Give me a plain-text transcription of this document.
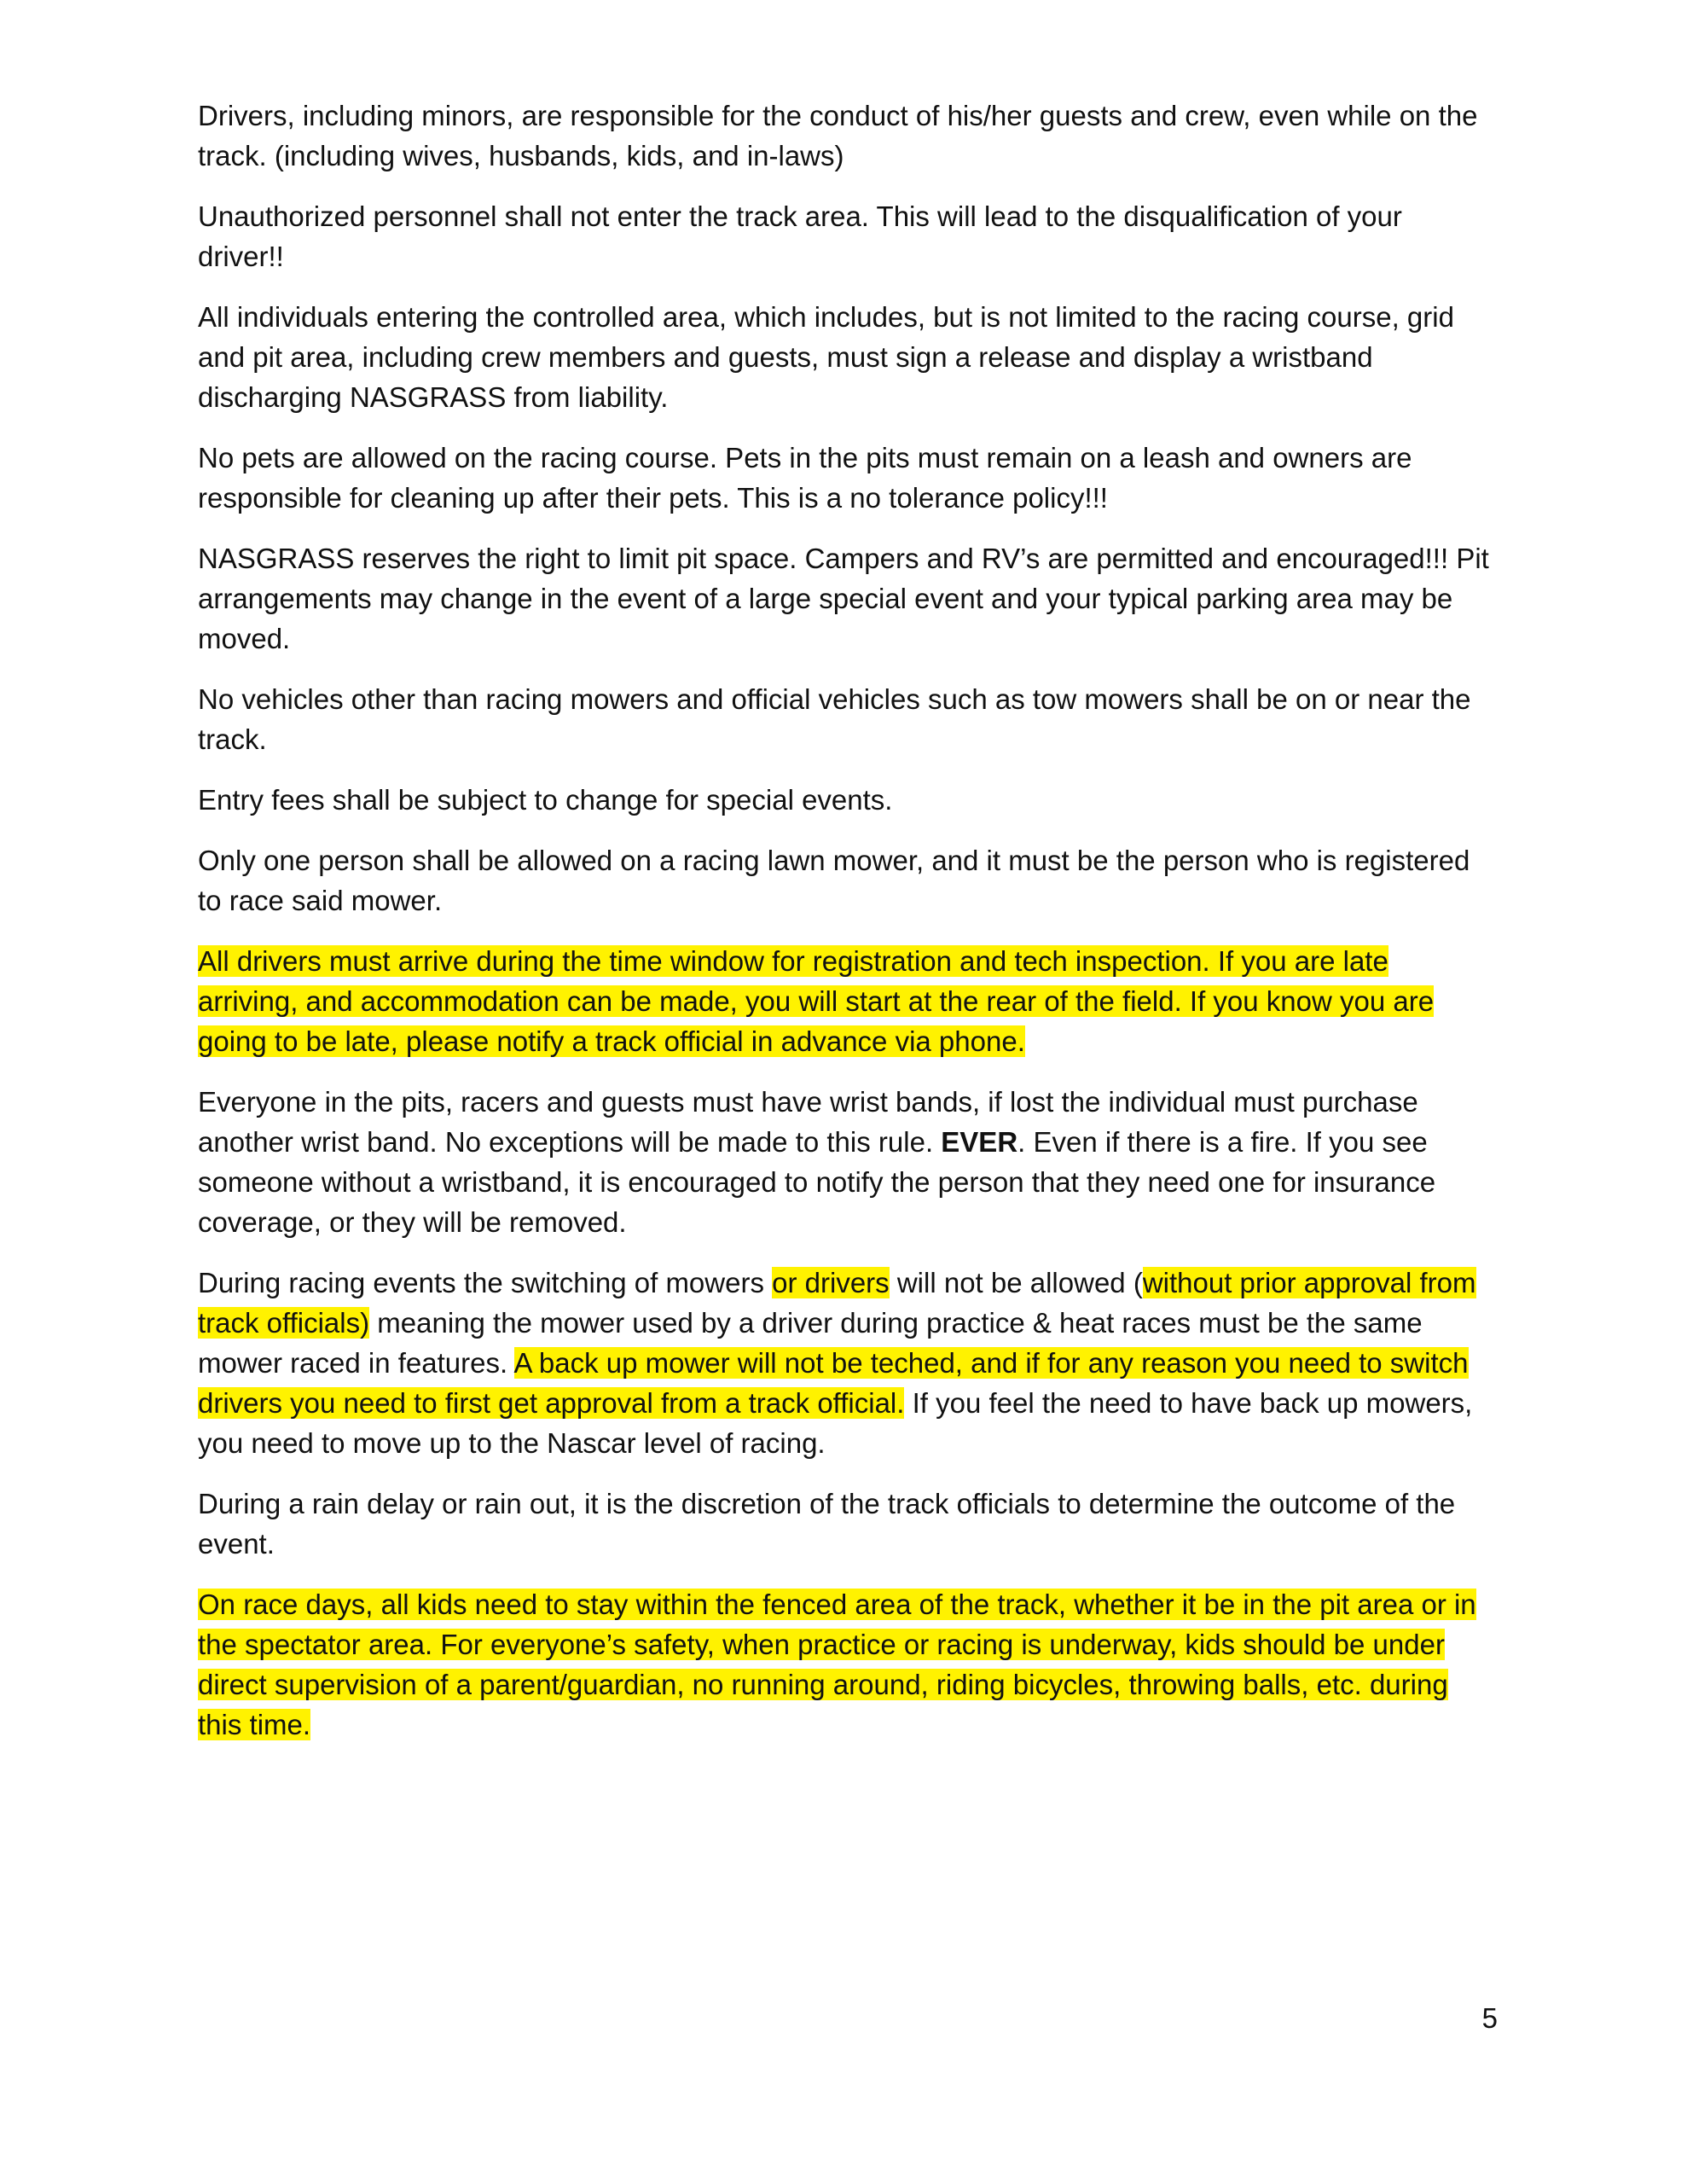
Drivers, including minors, are responsible for the conduct of his/her guests and crew, even while on the track. (including wives, husbands, kids, and in-laws)

Unauthorized personnel shall not enter the track area. This will lead to the disqualification of your driver!!

All individuals entering the controlled area, which includes, but is not limited to the racing course, grid and pit area, including crew members and guests, must sign a release and display a wristband discharging NASGRASS from liability.

No pets are allowed on the racing course. Pets in the pits must remain on a leash and owners are responsible for cleaning up after their pets. This is a no tolerance policy!!!

NASGRASS reserves the right to limit pit space. Campers and RV’s are permitted and encouraged!!! Pit arrangements may change in the event of a large special event and your typical parking area may be moved.

No vehicles other than racing mowers and official vehicles such as tow mowers shall be on or near the track.

Entry fees shall be subject to change for special events.

Only one person shall be allowed on a racing lawn mower, and it must be the person who is registered to race said mower.

All drivers must arrive during the time window for registration and tech inspection. If you are late arriving, and accommodation can be made, you will start at the rear of the field. If you know you are going to be late, please notify a track official in advance via phone.

Everyone in the pits, racers and guests must have wrist bands, if lost the individual must purchase another wrist band. No exceptions will be made to this rule. EVER. Even if there is a fire. If you see someone without a wristband, it is encouraged to notify the person that they need one for insurance coverage, or they will be removed.

During racing events the switching of mowers or drivers will not be allowed (without prior approval from track officials) meaning the mower used by a driver during practice & heat races must be the same mower raced in features. A back up mower will not be teched, and if for any reason you need to switch drivers you need to first get approval from a track official. If you feel the need to have back up mowers, you need to move up to the Nascar level of racing.

During a rain delay or rain out, it is the discretion of the track officials to determine the outcome of the event.

On race days, all kids need to stay within the fenced area of the track, whether it be in the pit area or in the spectator area. For everyone’s safety, when practice or racing is underway, kids should be under direct supervision of a parent/guardian, no running around, riding bicycles, throwing balls, etc. during this time.

5
